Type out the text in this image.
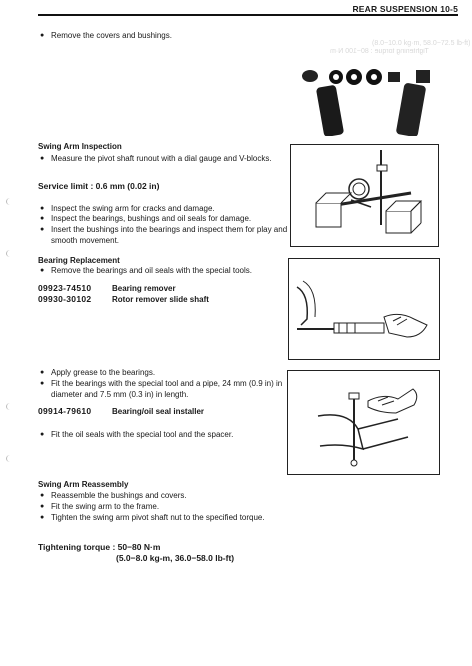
REAR SUSPENSION 10-5
(8.0−10.0 kg·m, 58.0−72.5 lb-ft)
Tightening torque : 80−100 N·m
● Remove the covers and bushings.
Swing Arm Inspection
● Measure the pivot shaft runout with a dial gauge and V-blocks.
Service limit : 0.6 mm (0.02 in)
● Inspect the swing arm for cracks and damage.
● Inspect the bearings, bushings and oil seals for damage.
● Insert the bushings into the bearings and inspect them for play and smooth movement.
Bearing Replacement
● Remove the bearings and oil seals with the special tools.
09923-74510	Bearing remover
09930-30102	Rotor remover slide shaft
● Apply grease to the bearings.
● Fit the bearings with the special tool and a pipe, 24 mm (0.9 in) in diameter and 7.5 mm (0.3 in) in length.
09914-79610	Bearing/oil seal installer
● Fit the oil seals with the special tool and the spacer.
Swing Arm Reassembly
● Reassemble the bushings and covers.
● Fit the swing arm to the frame.
● Tighten the swing arm pivot shaft nut to the specified torque.
Tightening torque : 50−80 N·m
(5.0−8.0 kg-m, 36.0−58.0 lb-ft)
